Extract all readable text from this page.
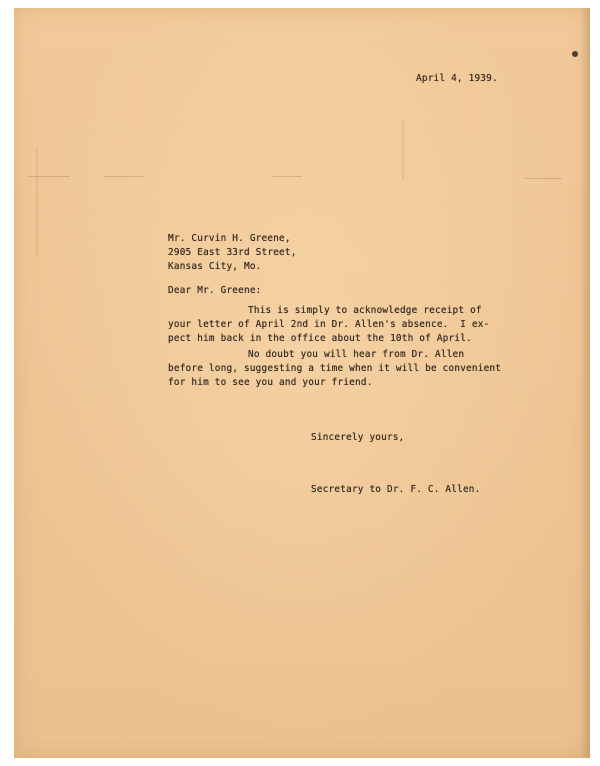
April 4, 1939.
Mr. Curvin H. Greene,
2905 East 33rd Street,
Kansas City, Mo.
Dear Mr. Greene:
This is simply to acknowledge receipt of
your letter of April 2nd in Dr. Allen's absence.  I ex-
pect him back in the office about the 10th of April.
No doubt you will hear from Dr. Allen
before long, suggesting a time when it will be convenient
for him to see you and your friend.
Sincerely yours,
Secretary to Dr. F. C. Allen.
